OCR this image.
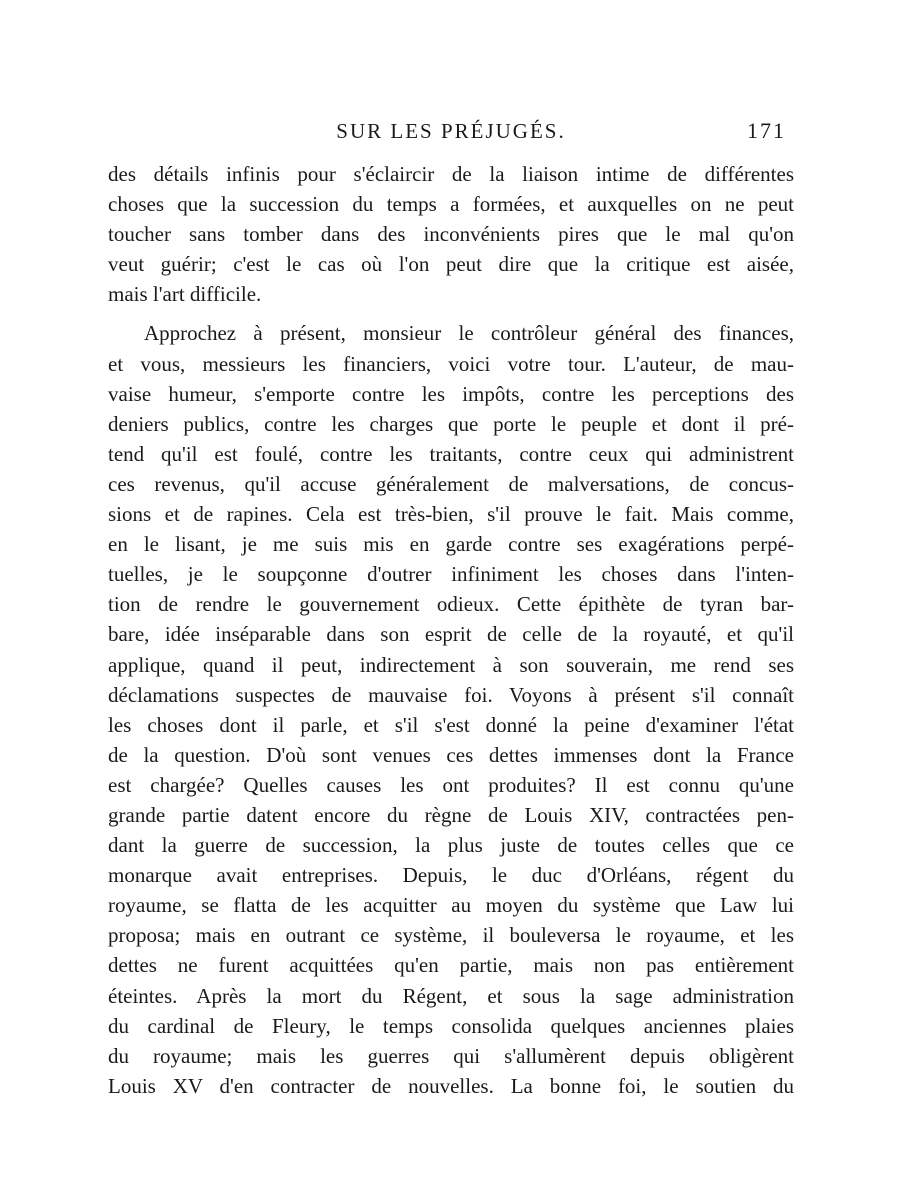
SUR LES PRÉJUGÉS.	171
des détails infinis pour s'éclaircir de la liaison intime de différentes
choses que la succession du temps a formées, et auxquelles on ne peut
toucher sans tomber dans des inconvénients pires que le mal qu'on
veut guérir; c'est le cas où l'on peut dire que la critique est aisée,
mais l'art difficile.
Approchez à présent, monsieur le contrôleur général des finances,
et vous, messieurs les financiers, voici votre tour. L'auteur, de mau-
vaise humeur, s'emporte contre les impôts, contre les perceptions des
deniers publics, contre les charges que porte le peuple et dont il pré-
tend qu'il est foulé, contre les traitants, contre ceux qui administrent
ces revenus, qu'il accuse généralement de malversations, de concus-
sions et de rapines. Cela est très-bien, s'il prouve le fait. Mais comme,
en le lisant, je me suis mis en garde contre ses exagérations perpé-
tuelles, je le soupçonne d'outrer infiniment les choses dans l'inten-
tion de rendre le gouvernement odieux. Cette épithète de tyran bar-
bare, idée inséparable dans son esprit de celle de la royauté, et qu'il
applique, quand il peut, indirectement à son souverain, me rend ses
déclamations suspectes de mauvaise foi. Voyons à présent s'il connaît
les choses dont il parle, et s'il s'est donné la peine d'examiner l'état
de la question. D'où sont venues ces dettes immenses dont la France
est chargée? Quelles causes les ont produites? Il est connu qu'une
grande partie datent encore du règne de Louis XIV, contractées pen-
dant la guerre de succession, la plus juste de toutes celles que ce
monarque avait entreprises. Depuis, le duc d'Orléans, régent du
royaume, se flatta de les acquitter au moyen du système que Law lui
proposa; mais en outrant ce système, il bouleversa le royaume, et les
dettes ne furent acquittées qu'en partie, mais non pas entièrement
éteintes. Après la mort du Régent, et sous la sage administration
du cardinal de Fleury, le temps consolida quelques anciennes plaies
du royaume; mais les guerres qui s'allumèrent depuis obligèrent
Louis XV d'en contracter de nouvelles. La bonne foi, le soutien du
